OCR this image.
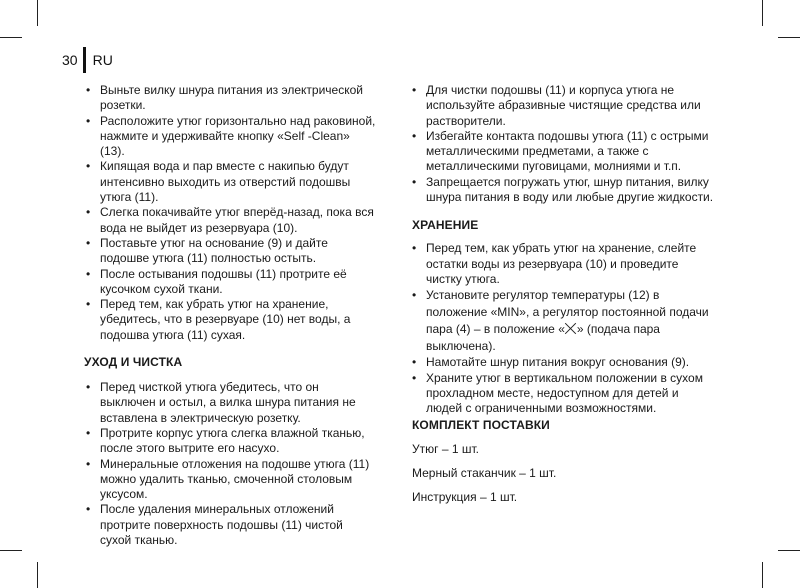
30 RU
• Выньте вилку шнура питания из электрической розетки.
• Расположите утюг горизонтально над раковиной, нажмите и удерживайте кнопку «Self -Clean» (13).
• Кипящая вода и пар вместе с накипью будут интенсивно выходить из отверстий подошвы утюга (11).
• Слегка покачивайте утюг вперёд-назад, пока вся вода не выйдет из резервуара (10).
• Поставьте утюг на основание (9) и дайте подошве утюга (11) полностью остыть.
• После остывания подошвы (11) протрите её кусочком сухой ткани.
• Перед тем, как убрать утюг на хранение, убедитесь, что в резервуаре (10) нет воды, а подошва утюга (11) сухая.
УХОД И ЧИСТКА
• Перед чисткой утюга убедитесь, что он выключен и остыл, а вилка шнура питания не вставлена в электрическую розетку.
• Протрите корпус утюга слегка влажной тканью, после этого вытрите его насухо.
• Минеральные отложения на подошве утюга (11) можно удалить тканью, смоченной столовым уксусом.
• После удаления минеральных отложений протрите поверхность подошвы (11) чистой сухой тканью.
• Для чистки подошвы (11) и корпуса утюга не используйте абразивные чистящие средства или растворители.
• Избегайте контакта подошвы утюга (11) с острыми металлическими предметами, а также с металлическими пуговицами, молниями и т.п.
• Запрещается погружать утюг, шнур питания, вилку шнура питания в воду или любые другие жидкости.
ХРАНЕНИЕ
• Перед тем, как убрать утюг на хранение, слейте остатки воды из резервуара (10) и проведите чистку утюга.
• Установите регулятор температуры (12) в положение «MIN», а регулятор постоянной подачи пара (4) – в положение « » (подача пара выключена).
• Намотайте шнур питания вокруг основания (9).
• Храните утюг в вертикальном положении в сухом прохладном месте, недоступном для детей и людей с ограниченными возможностями.
КОМПЛЕКТ ПОСТАВКИ

Утюг – 1 шт.

Мерный стаканчик – 1 шт.

Инструкция – 1 шт.
